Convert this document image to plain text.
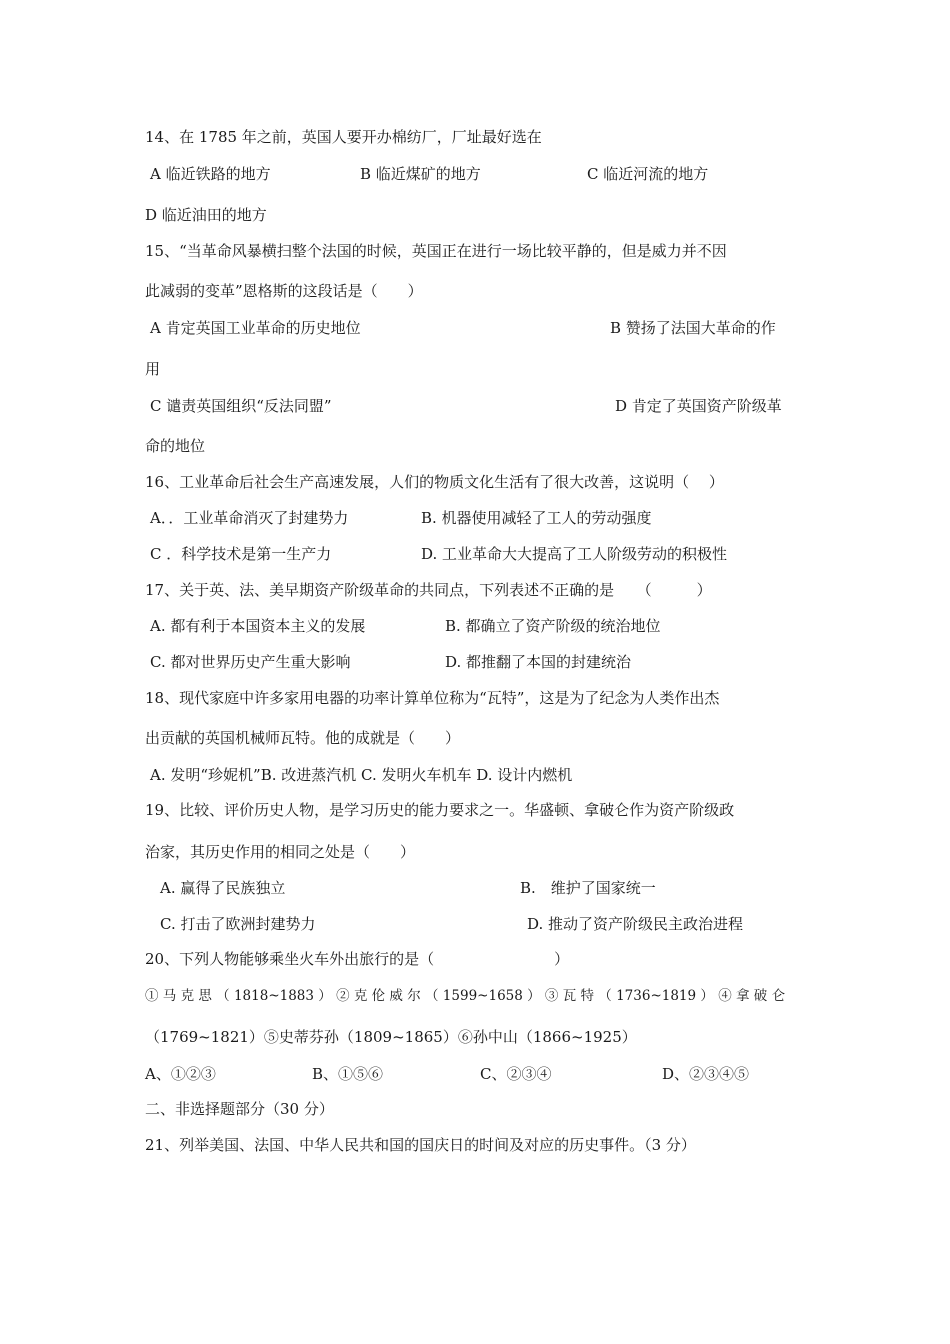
14、在 1785 年之前，英国人要开办棉纺厂，厂址最好选在
A 临近铁路的地方	B 临近煤矿的地方	C 临近河流的地方
D 临近油田的地方
15、“当革命风暴横扫整个法国的时候，英国正在进行一场比较平静的，但是威力并不因
此减弱的变革”恩格斯的这段话是（　　）
A 肯定英国工业革命的历史地位	B 赞扬了法国大革命的作
用
C 谴责英国组织“反法同盟”	D 肯定了英国资产阶级革
命的地位
16、工业革命后社会生产高速发展，人们的物质文化生活有了很大改善，这说明（　 ）
A．．工业革命消灭了封建势力	B. 机器使用减轻了工人的劳动强度
C ．科学技术是第一生产力	D. 工业革命大大提高了工人阶级劳动的积极性
17、关于英、法、美早期资产阶级革命的共同点，下列表述不正确的是　　（　　　）
A. 都有利于本国资本主义的发展	B. 都确立了资产阶级的统治地位
C. 都对世界历史产生重大影响	D. 都推翻了本国的封建统治
18、现代家庭中许多家用电器的功率计算单位称为“瓦特”，这是为了纪念为人类作出杰
出贡献的英国机械师瓦特。他的成就是（　　）
A. 发明“珍妮机”B. 改进蒸汽机 C. 发明火车机车 D. 设计内燃机
19、比较、评价历史人物，是学习历史的能力要求之一。华盛顿、拿破仑作为资产阶级政
治家，其历史作用的相同之处是（　　）
A. 赢得了民族独立	B.　维护了国家统一
C. 打击了欧洲封建势力	D. 推动了资产阶级民主政治进程
20、下列人物能够乘坐火车外出旅行的是（　　　　　　　　）
① 马 克 思 （ 1818~1883 ） ② 克 伦 威 尔 （ 1599~1658 ） ③ 瓦 特 （ 1736~1819 ） ④ 拿 破 仑
（1769~1821）⑤史蒂芬孙（1809~1865）⑥孙中山（1866~1925）
A、①②③	B、①⑤⑥	C、②③④	D、②③④⑤
二、非选择题部分（30 分）
21、列举美国、法国、中华人民共和国的国庆日的时间及对应的历史事件。（3 分）
